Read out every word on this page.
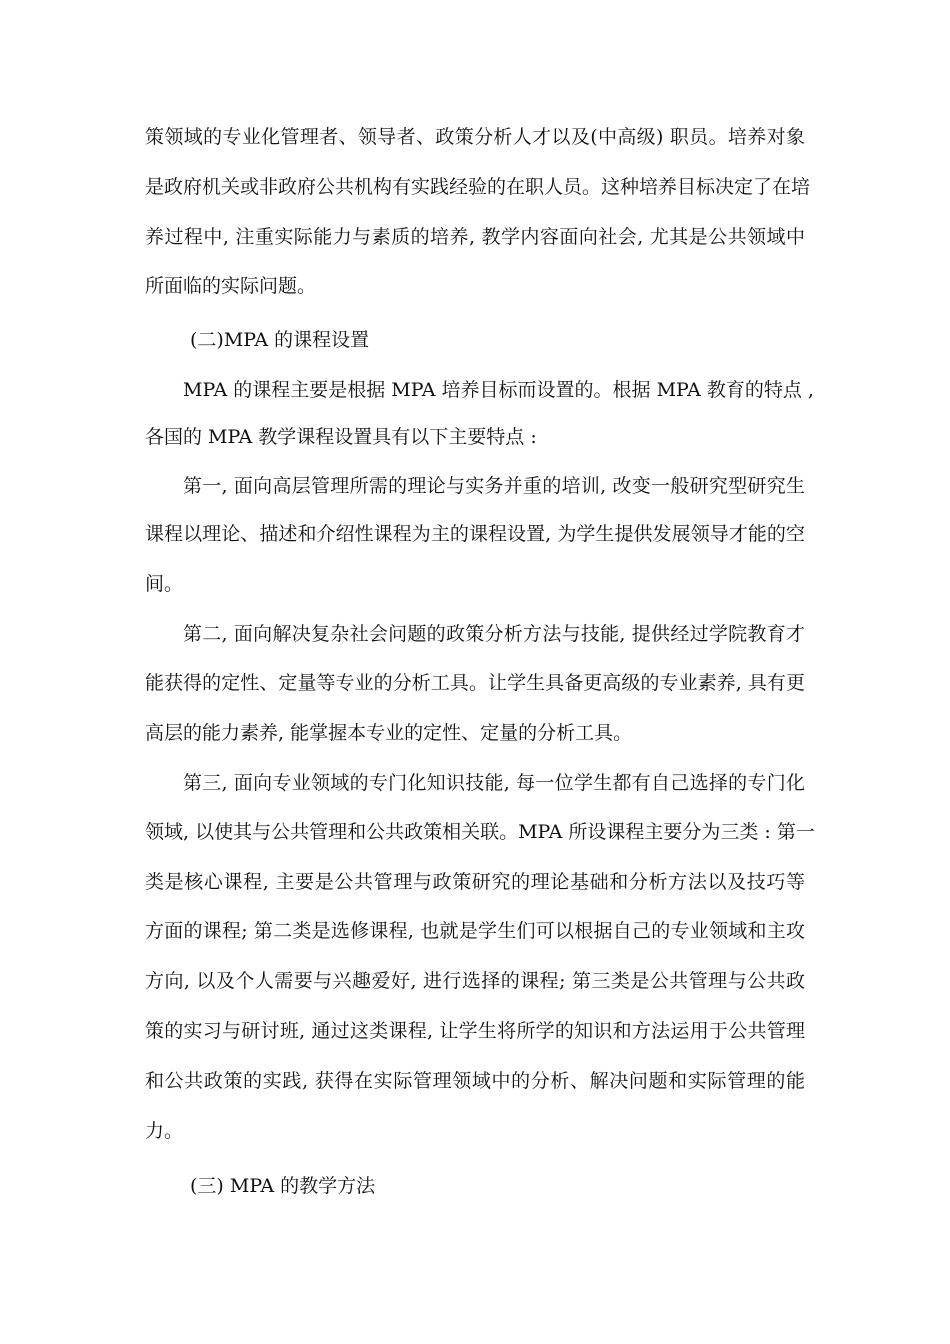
策领域的专业化管理者、领导者、政策分析人才以及(中高级) 职员。培养对象
是政府机关或非政府公共机构有实践经验的在职人员。这种培养目标决定了在培
养过程中, 注重实际能力与素质的培养, 教学内容面向社会, 尤其是公共领域中
所面临的实际问题。
(二)MPA 的课程设置
MPA 的课程主要是根据 MPA 培养目标而设置的。根据 MPA 教育的特点 ,
各国的 MPA 教学课程设置具有以下主要特点 :
第一, 面向高层管理所需的理论与实务并重的培训, 改变一般研究型研究生
课程以理论、描述和介绍性课程为主的课程设置, 为学生提供发展领导才能的空
间。
第二, 面向解决复杂社会问题的政策分析方法与技能, 提供经过学院教育才
能获得的定性、定量等专业的分析工具。让学生具备更高级的专业素养, 具有更
高层的能力素养, 能掌握本专业的定性、定量的分析工具。
第三, 面向专业领域的专门化知识技能, 每一位学生都有自己选择的专门化
领域, 以使其与公共管理和公共政策相关联。MPA 所设课程主要分为三类 : 第一
类是核心课程, 主要是公共管理与政策研究的理论基础和分析方法以及技巧等
方面的课程; 第二类是选修课程, 也就是学生们可以根据自己的专业领域和主攻
方向, 以及个人需要与兴趣爱好, 进行选择的课程; 第三类是公共管理与公共政
策的实习与研讨班, 通过这类课程, 让学生将所学的知识和方法运用于公共管理
和公共政策的实践, 获得在实际管理领域中的分析、解决问题和实际管理的能
力。
(三) MPA 的教学方法
